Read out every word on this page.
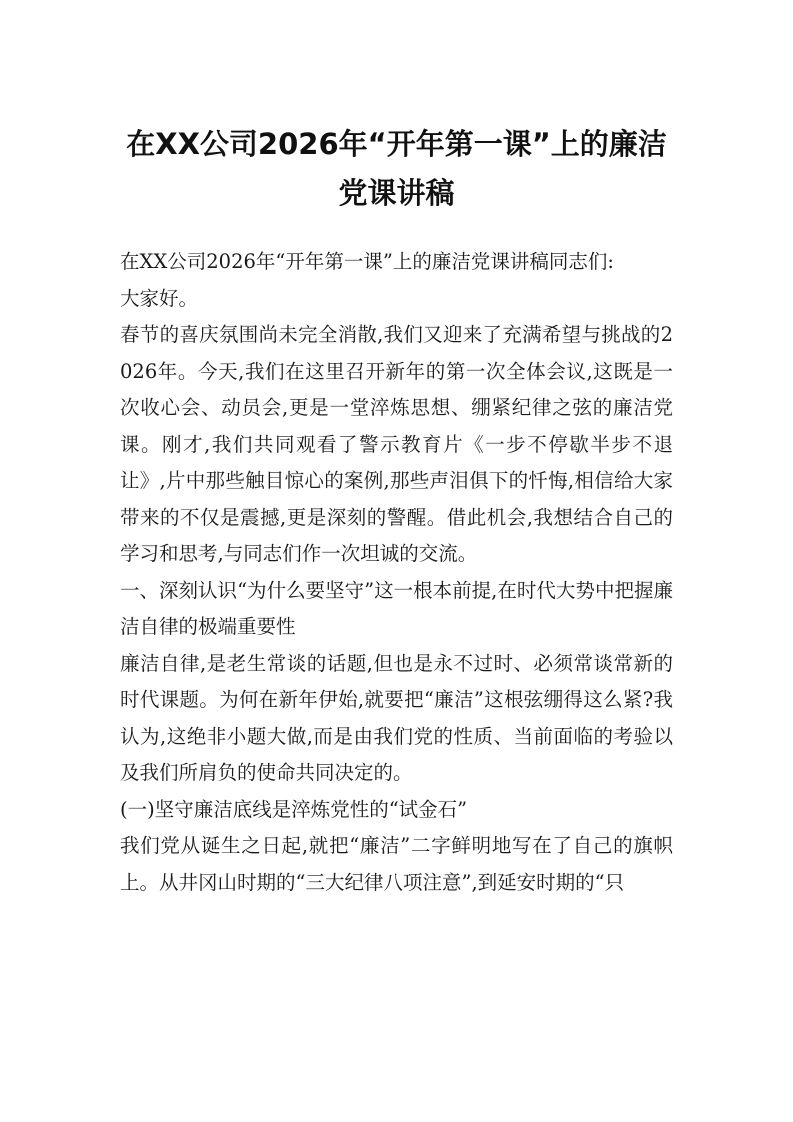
在XX公司2026年“开年第一课”上的廉洁
党课讲稿

在XX公司2026年“开年第一课”上的廉洁党课讲稿同志们:

大家好。

春节的喜庆氛围尚未完全消散,我们又迎来了充满希望与挑战的2026年。今天,我们在这里召开新年的第一次全体会议,这既是一次收心会、动员会,更是一堂淬炼思想、绷紧纪律之弦的廉洁党课。刚才,我们共同观看了警示教育片《一步不停歇半步不退让》,片中那些触目惊心的案例,那些声泪俱下的忏悔,相信给大家带来的不仅是震撼,更是深刻的警醒。借此机会,我想结合自己的学习和思考,与同志们作一次坦诚的交流。

一、深刻认识“为什么要坚守”这一根本前提,在时代大势中把握廉洁自律的极端重要性

廉洁自律,是老生常谈的话题,但也是永不过时、必须常谈常新的时代课题。为何在新年伊始,就要把“廉洁”这根弦绷得这么紧?我认为,这绝非小题大做,而是由我们党的性质、当前面临的考验以及我们所肩负的使命共同决定的。

(一)坚守廉洁底线是淬炼党性的“试金石”

我们党从诞生之日起,就把“廉洁”二字鲜明地写在了自己的旗帜上。从井冈山时期的“三大纪律八项注意”,到延安时期的“只
